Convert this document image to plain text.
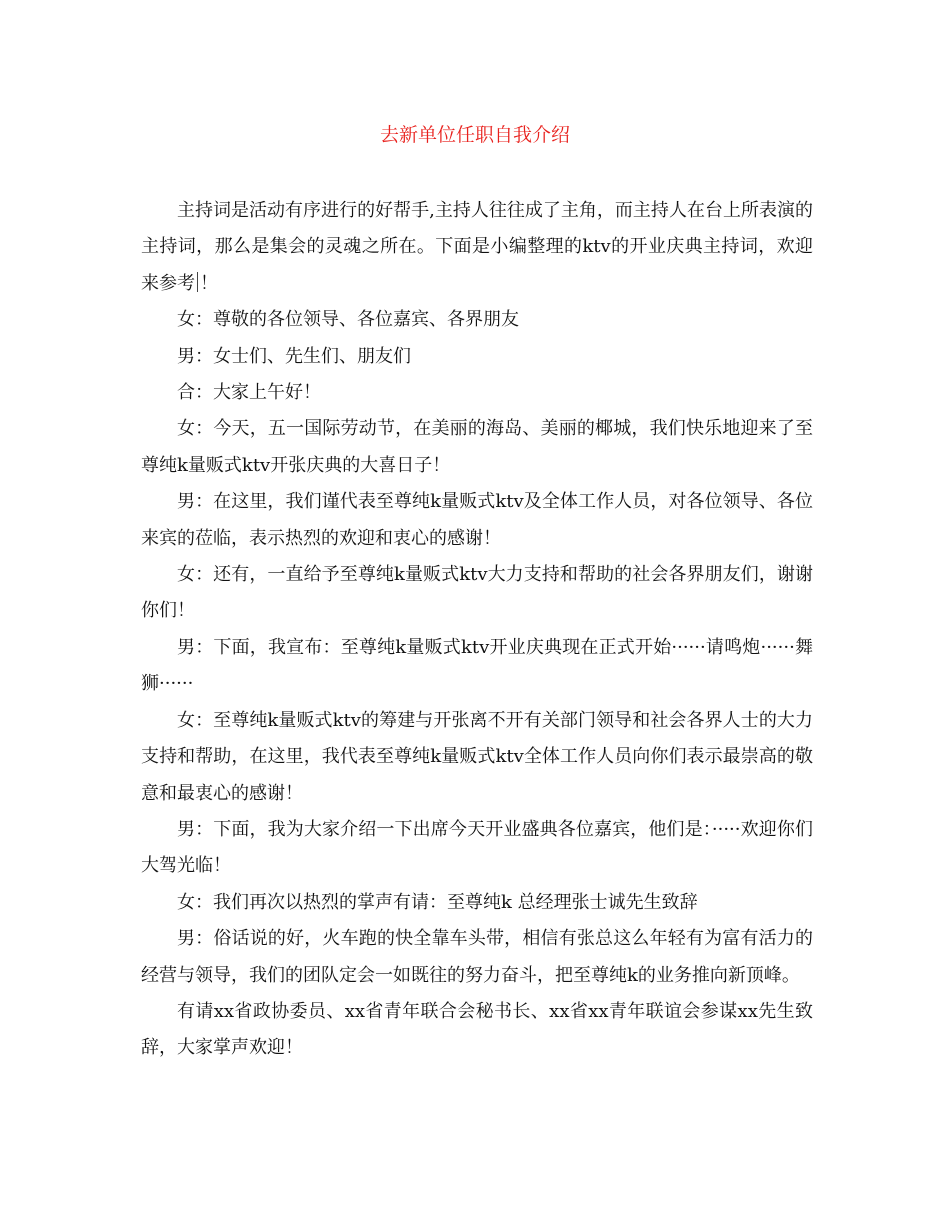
去新单位任职自我介绍

主持词是活动有序进行的好帮手,主持人往往成了主角，而主持人在台上所表演的主持词，那么是集会的灵魂之所在。下面是小编整理的ktv的开业庆典主持词，欢迎来参考 ！

女：尊敬的各位领导、各位嘉宾、各界朋友

男：女士们、先生们、朋友们

合：大家上午好！

女：今天，五一国际劳动节，在美丽的海岛、美丽的椰城，我们快乐地迎来了至尊纯k量贩式ktv开张庆典的大喜日子！

男：在这里，我们谨代表至尊纯k量贩式ktv及全体工作人员，对各位领导、各位来宾的莅临，表示热烈的欢迎和衷心的感谢！

女：还有，一直给予至尊纯k量贩式ktv大力支持和帮助的社会各界朋友们，谢谢你们！

男：下面，我宣布：至尊纯k量贩式ktv开业庆典现在正式开始······请鸣炮······舞狮······

女：至尊纯k量贩式ktv的筹建与开张离不开有关部门领导和社会各界人士的大力支持和帮助，在这里，我代表至尊纯k量贩式ktv全体工作人员向你们表示最崇高的敬意和最衷心的感谢！

男：下面，我为大家介绍一下出席今天开业盛典各位嘉宾，他们是：·····欢迎你们大驾光临！

女：我们再次以热烈的掌声有请：至尊纯k 总经理张士诚先生致辞

男：俗话说的好，火车跑的快全靠车头带，相信有张总这么年轻有为富有活力的经营与领导，我们的团队定会一如既往的努力奋斗，把至尊纯k的业务推向新顶峰。

有请xx省政协委员、xx省青年联合会秘书长、xx省xx青年联谊会参谋xx先生致辞，大家掌声欢迎！
